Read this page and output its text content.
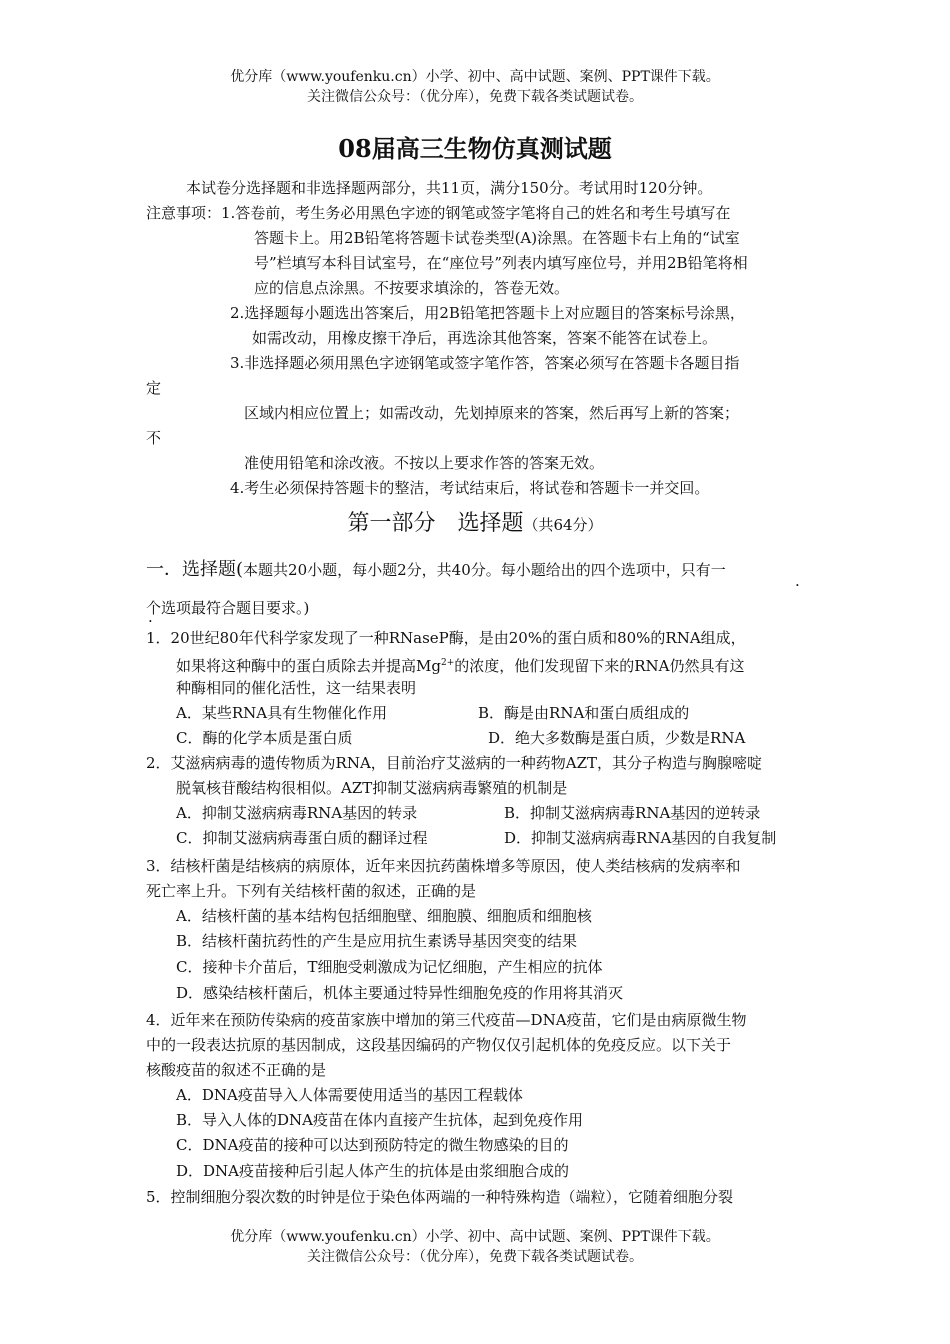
优分库（www.youfenku.cn）小学、初中、高中试题、案例、PPT课件下载。
关注微信公众号：（优分库），免费下载各类试题试卷。
08届高三生物仿真测试题
本试卷分选择题和非选择题两部分，共11页，满分150分。考试用时120分钟。
注意事项：1.答卷前，考生务必用黑色字迹的钢笔或签字笔将自己的姓名和考生号填写在
答题卡上。用2B铅笔将答题卡试卷类型(A)涂黑。在答题卡右上角的“试室
号”栏填写本科目试室号，在“座位号”列表内填写座位号，并用2B铅笔将相
应的信息点涂黑。不按要求填涂的，答卷无效。
2.选择题每小题选出答案后，用2B铅笔把答题卡上对应题目的答案标号涂黑，
如需改动，用橡皮擦干净后，再选涂其他答案，答案不能答在试卷上。
3.非选择题必须用黑色字迹钢笔或签字笔作答，答案必须写在答题卡各题目指
定
区域内相应位置上；如需改动，先划掉原来的答案，然后再写上新的答案；
不
准使用铅笔和涂改液。不按以上要求作答的答案无效。
4.考生必须保持答题卡的整洁，考试结束后，将试卷和答题卡一并交回。
第一部分　选择题（共64分）
一．选择题(本题共20小题，每小题2分，共40分。每小题给出的四个选项中，只有一
·
个选项最符合题目要求。)
·
1．20世纪80年代科学家发现了一种RNaseP酶，是由20%的蛋白质和80%的RNA组成，
如果将这种酶中的蛋白质除去并提高$Mg^{2+}$的浓度，他们发现留下来的RNA仍然具有这
种酶相同的催化活性，这一结果表明
A．某些RNA具有生物催化作用	B．酶是由RNA和蛋白质组成的
C．酶的化学本质是蛋白质	D．绝大多数酶是蛋白质，少数是RNA
2．艾滋病病毒的遗传物质为RNA，目前治疗艾滋病的一种药物AZT，其分子构造与胸腺嘧啶
脱氧核苷酸结构很相似。AZT抑制艾滋病病毒繁殖的机制是
A．抑制艾滋病病毒RNA基因的转录	B．抑制艾滋病病毒RNA基因的逆转录
C．抑制艾滋病病毒蛋白质的翻译过程	D．抑制艾滋病病毒RNA基因的自我复制
3．结核杆菌是结核病的病原体，近年来因抗药菌株增多等原因，使人类结核病的发病率和
死亡率上升。下列有关结核杆菌的叙述，正确的是
A．结核杆菌的基本结构包括细胞壁、细胞膜、细胞质和细胞核
B．结核杆菌抗药性的产生是应用抗生素诱导基因突变的结果
C．接种卡介苗后，T细胞受刺激成为记忆细胞，产生相应的抗体
D．感染结核杆菌后，机体主要通过特异性细胞免疫的作用将其消灭
4．近年来在预防传染病的疫苗家族中增加的第三代疫苗—DNA疫苗，它们是由病原微生物
中的一段表达抗原的基因制成，这段基因编码的产物仅仅引起机体的免疫反应。以下关于
核酸疫苗的叙述不正确的是
A．DNA疫苗导入人体需要使用适当的基因工程载体
B．导入人体的DNA疫苗在体内直接产生抗体，起到免疫作用
C．DNA疫苗的接种可以达到预防特定的微生物感染的目的
D．DNA疫苗接种后引起人体产生的抗体是由浆细胞合成的
5．控制细胞分裂次数的时钟是位于染色体两端的一种特殊构造（端粒），它随着细胞分裂
优分库（www.youfenku.cn）小学、初中、高中试题、案例、PPT课件下载。
关注微信公众号：（优分库），免费下载各类试题试卷。
